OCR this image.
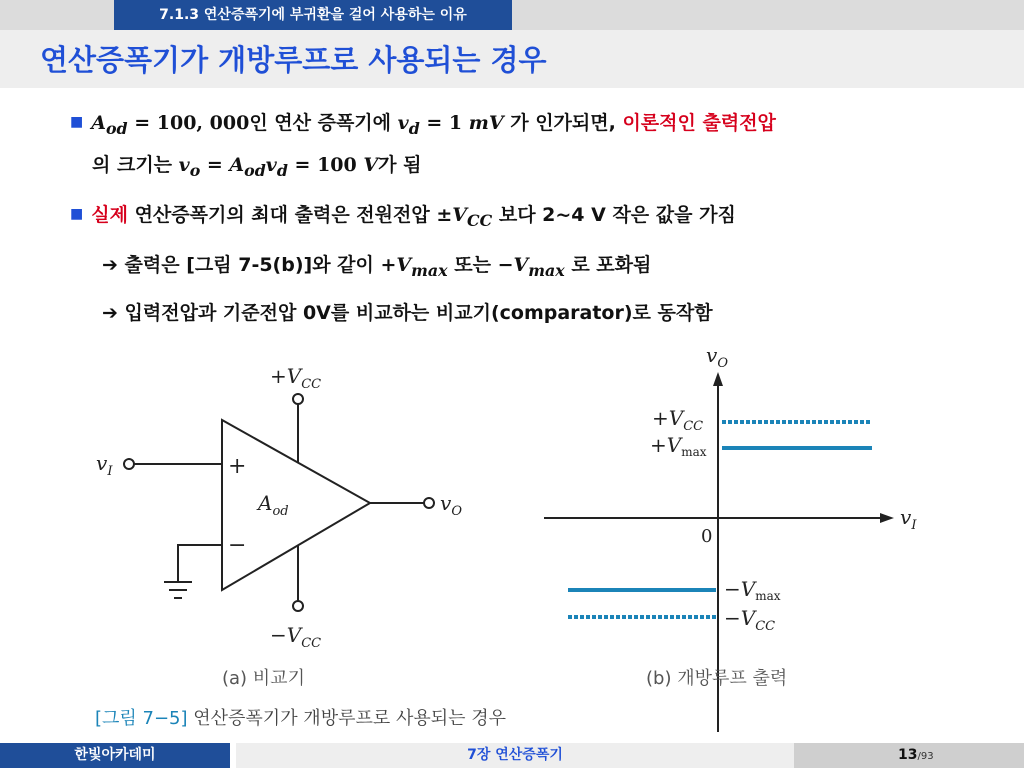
7.1.3 연산증폭기에 부귀환을 걸어 사용하는 이유
연산증폭기가 개방루프로 사용되는 경우
■ $A_{od} = 100$, 000인 연산 증폭기에 $v_d = 1$ mV 가 인가되면, 이론적인 출력전압
의 크기는 $v_o = A_{od}v_d = 100$ V가 됨
■ 실제 연산증폭기의 최대 출력은 전원전압 $\pm V_{CC}$ 보다 2~4 V 작은 값을 가짐
➔ 출력은 [그림 7-5(b)]와 같이 $+V_{max}$ 또는 $-V_{max}$ 로 포화됨
➔ 입력전압과 기준전압 0V를 비교하는 비교기(comparator)로 동작함
+
−
$A_{od}$
$+V_{CC}$
$-V_{CC}$
$v_I$
$v_O$
$v_O$
$v_I$
0
$+V_{CC}$
$+V_{max}$
$-V_{max}$
$-V_{CC}$
(a) 비교기	(b) 개방루프 출력
[그림 7−5] 연산증폭기가 개방루프로 사용되는 경우
한빛아카데미	7장 연산증폭기	13/93
